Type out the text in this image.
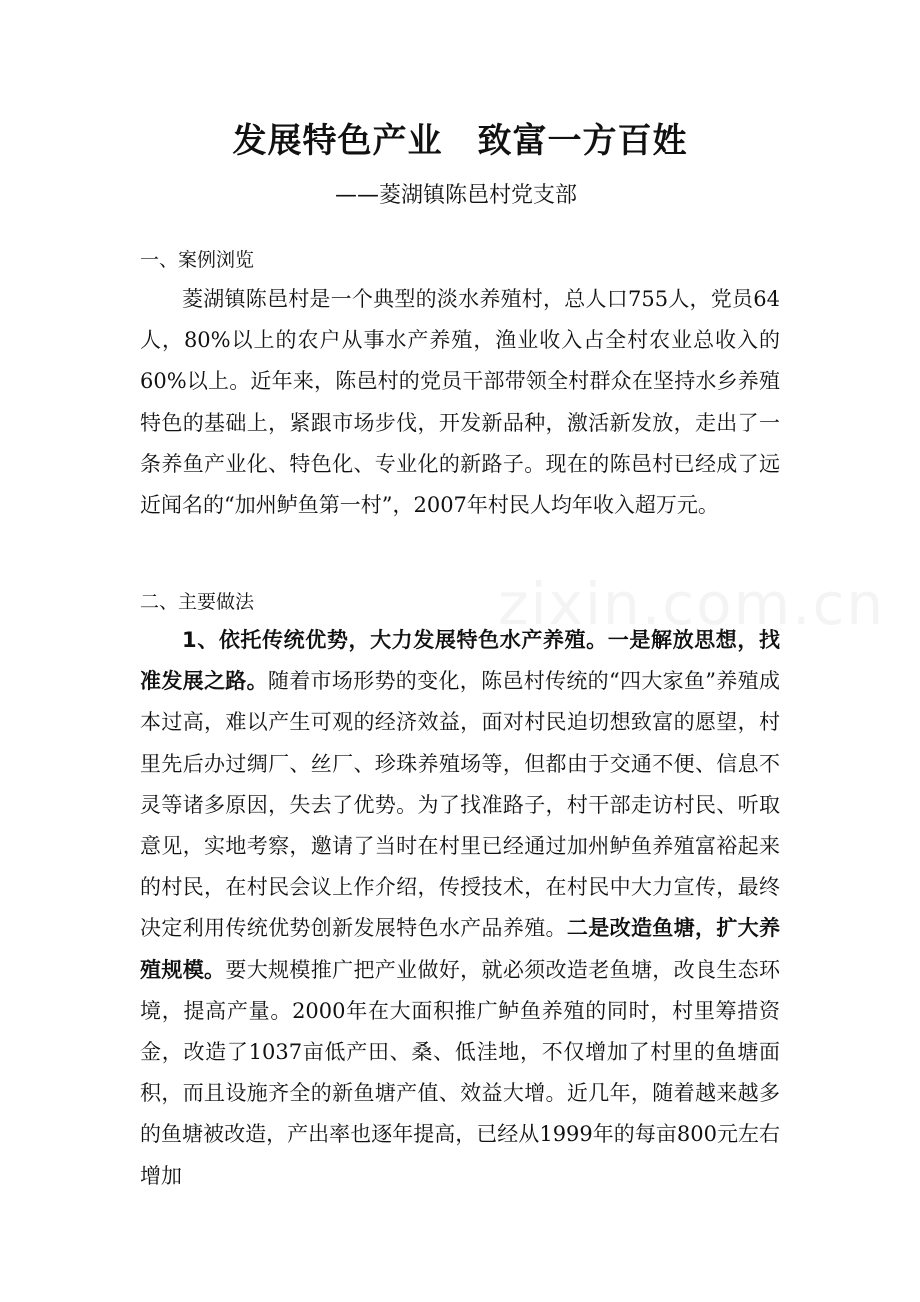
zixin.com.cn
发展特色产业　致富一方百姓
——菱湖镇陈邑村党支部
一、案例浏览
菱湖镇陈邑村是一个典型的淡水养殖村，总人口755人，党员64人，80%以上的农户从事水产养殖，渔业收入占全村农业总收入的60%以上。近年来，陈邑村的党员干部带领全村群众在坚持水乡养殖特色的基础上，紧跟市场步伐，开发新品种，激活新发放，走出了一条养鱼产业化、特色化、专业化的新路子。现在的陈邑村已经成了远近闻名的“加州鲈鱼第一村”，2007年村民人均年收入超万元。
二、主要做法
1、依托传统优势，大力发展特色水产养殖。一是解放思想，找准发展之路。随着市场形势的变化，陈邑村传统的“四大家鱼”养殖成本过高，难以产生可观的经济效益，面对村民迫切想致富的愿望，村里先后办过绸厂、丝厂、珍珠养殖场等，但都由于交通不便、信息不灵等诸多原因，失去了优势。为了找准路子，村干部走访村民、听取意见，实地考察，邀请了当时在村里已经通过加州鲈鱼养殖富裕起来的村民，在村民会议上作介绍，传授技术，在村民中大力宣传，最终决定利用传统优势创新发展特色水产品养殖。二是改造鱼塘，扩大养殖规模。要大规模推广把产业做好，就必须改造老鱼塘，改良生态环境，提高产量。2000年在大面积推广鲈鱼养殖的同时，村里筹措资金，改造了1037亩低产田、桑、低洼地，不仅增加了村里的鱼塘面积，而且设施齐全的新鱼塘产值、效益大增。近几年，随着越来越多的鱼塘被改造，产出率也逐年提高，已经从1999年的每亩800元左右增加
